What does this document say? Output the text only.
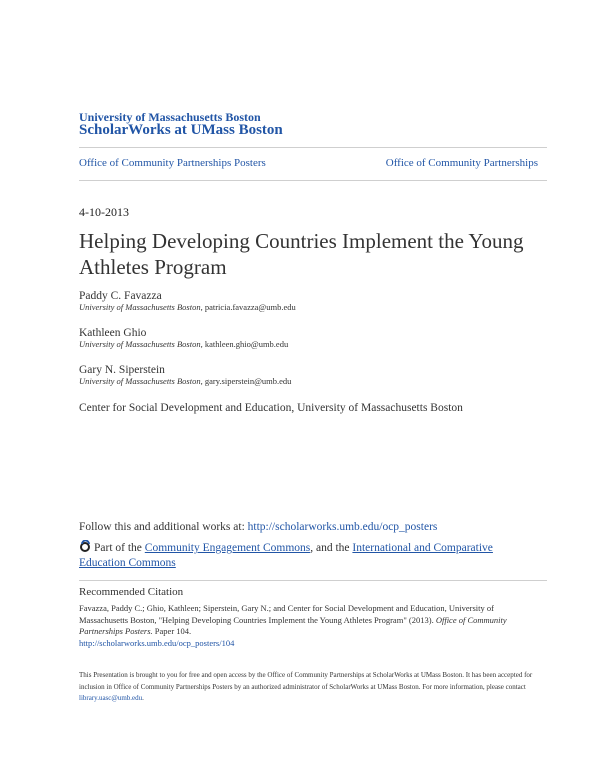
University of Massachusetts Boston
ScholarWorks at UMass Boston
Office of Community Partnerships Posters	Office of Community Partnerships
4-10-2013
Helping Developing Countries Implement the Young Athletes Program
Paddy C. Favazza
University of Massachusetts Boston, patricia.favazza@umb.edu
Kathleen Ghio
University of Massachusetts Boston, kathleen.ghio@umb.edu
Gary N. Siperstein
University of Massachusetts Boston, gary.siperstein@umb.edu
Center for Social Development and Education, University of Massachusetts Boston
Follow this and additional works at: http://scholarworks.umb.edu/ocp_posters
Part of the Community Engagement Commons, and the International and Comparative Education Commons
Recommended Citation
Favazza, Paddy C.; Ghio, Kathleen; Siperstein, Gary N.; and Center for Social Development and Education, University of Massachusetts Boston, "Helping Developing Countries Implement the Young Athletes Program" (2013). Office of Community Partnerships Posters. Paper 104.
http://scholarworks.umb.edu/ocp_posters/104
This Presentation is brought to you for free and open access by the Office of Community Partnerships at ScholarWorks at UMass Boston. It has been accepted for inclusion in Office of Community Partnerships Posters by an authorized administrator of ScholarWorks at UMass Boston. For more information, please contact library.uasc@umb.edu.
